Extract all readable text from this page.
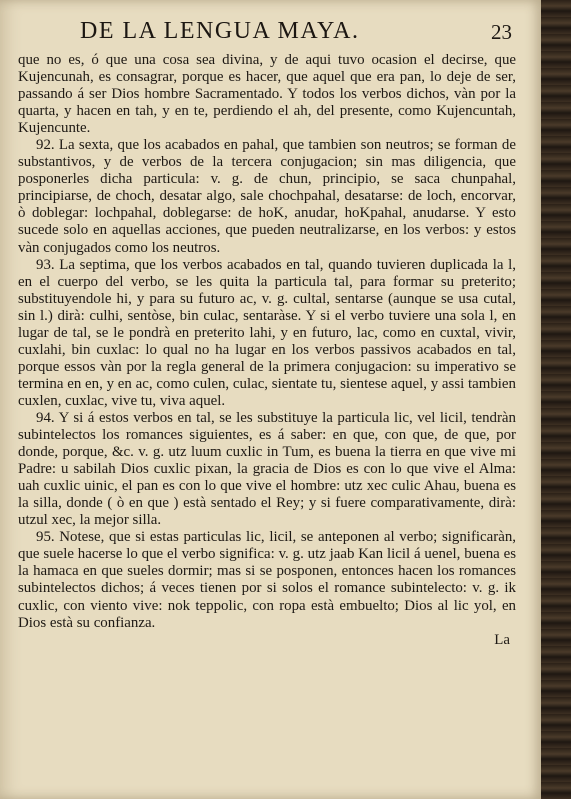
DE LA LENGUA MAYA.	23

que no es, ó que una cosa sea divina, y de aqui tuvo ocasion el decirse, que Kujencunah, es consagrar, porque es hacer, que aquel que era pan, lo deje de ser, passando á ser Dios hombre Sacramentado. Y todos los verbos dichos, vàn por la quarta, y hacen en tah, y en te, perdiendo el ah, del presente, como Kujencuntah, Kujencunte.

92. La sexta, que los acabados en pahal, que tambien son neutros; se forman de substantivos, y de verbos de la tercera conjugacion; sin mas diligencia, que posponerles dicha particula: v. g. de chun, principio, se saca chunpahal, principiarse, de choch, desatar algo, sale chochpahal, desatarse: de loch, encorvar, ò doblegar: lochpahal, doblegarse: de hoK, anudar, hoKpahal, anudarse. Y esto sucede solo en aquellas acciones, que pueden neutralizarse, en los verbos: y estos vàn conjugados como los neutros.

93. La septima, que los verbos acabados en tal, quando tuvieren duplicada la l, en el cuerpo del verbo, se les quita la particula tal, para formar su preterito; substituyendole hi, y para su futuro ac, v. g. cultal, sentarse (aunque se usa cutal, sin l.) dirà: culhi, sentòse, bin culac, sentaràse. Y si el verbo tuviere una sola l, en lugar de tal, se le pondrà en preterito lahi, y en futuro, lac, como en cuxtal, vivir, cuxlahi, bin cuxlac: lo qual no ha lugar en los verbos passivos acabados en tal, porque essos vàn por la regla general de la primera conjugacion: su imperativo se termina en en, y en ac, como culen, culac, sientate tu, sientese aquel, y assi tambien cuxlen, cuxlac, vive tu, viva aquel.

94. Y si á estos verbos en tal, se les substituye la particula lic, vel licil, tendràn subintelectos los romances siguientes, es á saber: en que, con que, de que, por donde, porque, &c. v. g. utz luum cuxlic in Tum, es buena la tierra en que vive mi Padre: u sabilah Dios cuxlic pixan, la gracia de Dios es con lo que vive el Alma: uah cuxlic uinic, el pan es con lo que vive el hombre: utz xec culic Ahau, buena es la silla, donde ( ò en que ) està sentado el Rey; y si fuere comparativamente, dirà: utzul xec, la mejor silla.

95. Notese, que si estas particulas lic, licil, se anteponen al verbo; significaràn, que suele hacerse lo que el verbo significa: v. g. utz jaab Kan licil á uenel, buena es la hamaca en que sueles dormir; mas si se posponen, entonces hacen los romances subintelectos dichos; á veces tienen por si solos el romance subintelecto: v. g. ik cuxlic, con viento vive: nok teppolic, con ropa està embuelto; Dios al lic yol, en Dios està su confianza.

La
